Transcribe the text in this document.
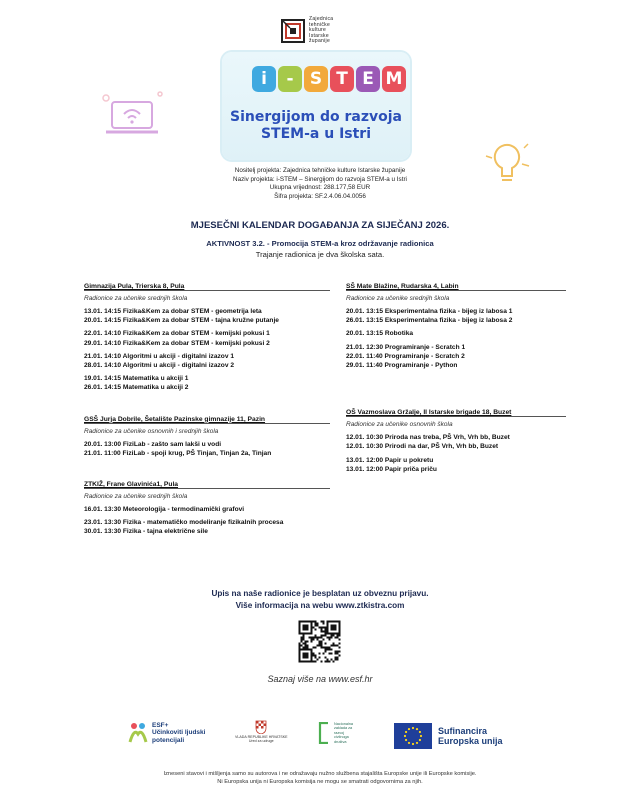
Zajednica
tehničke
kulture
Istarske
županije
i	- S T E M
Sinergijom do razvoja
STEM-a u Istri
Nositelj projekta: Zajednica tehničke kulture Istarske županije
Naziv projekta: i-STEM – Sinergijom do razvoja STEM-a u Istri
Ukupna vrijednost: 288.177,58 EUR
Šifra projekta: SF.2.4.06.04.0056
MJESEČNI KALENDAR DOGAĐANJA ZA SIJEČANJ 2026.
AKTIVNOST 3.2. - Promocija STEM-a kroz održavanje radionica
Trajanje radionica je dva školska sata.
Gimnazija Pula, Trierska 8, Pula
Radionice za učenike srednjih škola
13.01. 14:15 Fizika&Kem za dobar STEM - geometrija leta
20.01. 14:15 Fizika&Kem za dobar STEM - tajna kružne putanje
22.01. 14:10 Fizika&Kem za dobar STEM - kemijski pokusi 1
29.01. 14:10 Fizika&Kem za dobar STEM - kemijski pokusi 2
21.01. 14:10 Algoritmi u akciji - digitalni izazov 1
28.01. 14:10 Algoritmi u akciji - digitalni izazov 2
19.01. 14:15 Matematika u akciji 1
26.01. 14:15 Matematika u akciji 2
GSŠ Jurja Dobrile, Šetalište Pazinske gimnazije 11, Pazin
Radionice za učenike osnovnih i srednjih škola
20.01. 13:00 FiziLab - zašto sam lakši u vodi
21.01. 11:00 FiziLab - spoji krug, PŠ Tinjan, Tinjan 2a, Tinjan
ZTKIŽ, Frane Glavinića1, Pula
Radionice za učenike srednjih škola
16.01. 13:30 Meteorologija - termodinamički grafovi
23.01. 13:30 Fizika - matematičko modeliranje fizikalnih procesa
30.01. 13:30 Fizika - tajna električne sile
SŠ Mate Blažine, Rudarska 4, Labin
Radionice za učenike srednjih škola
20.01. 13:15 Eksperimentalna fizika - bijeg iz labosa 1
26.01. 13:15 Eksperimentalna fizika - bijeg iz labosa 2
20.01. 13:15 Robotika
21.01. 12:30 Programiranje - Scratch 1
22.01. 11:40 Programiranje - Scratch 2
29.01. 11:40 Programiranje - Python
OŠ Vazmoslava Gržalje, II Istarske brigade 18, Buzet
Radionice za učenike osnovnih škola
12.01. 10:30 Priroda nas treba, PŠ Vrh, Vrh bb, Buzet
12.01. 10:30 Prirodi na dar, PŠ Vrh, Vrh bb, Buzet
13.01. 12:00 Papir u pokretu
13.01. 12:00 Papir priča priču
Upis na naše radionice je besplatan uz obveznu prijavu.
Više informacija na webu www.ztkistra.com
Saznaj više na www.esf.hr
ESF+
Učinkoviti ljudski
potencijali	VLADA REPUBLIKE HRVATSKE
Ured za udruge
Nacionalna
zaklada za
razvoj
civilnoga
društva
Sufinancira
Europska unija
Izneseni stavovi i mišljenja samo su autorova i ne odražavaju nužno službena stajališta Europske unije ili Europske komisije.
Ni Europska unija ni Europska komisija ne mogu se smatrati odgovornima za njih.
